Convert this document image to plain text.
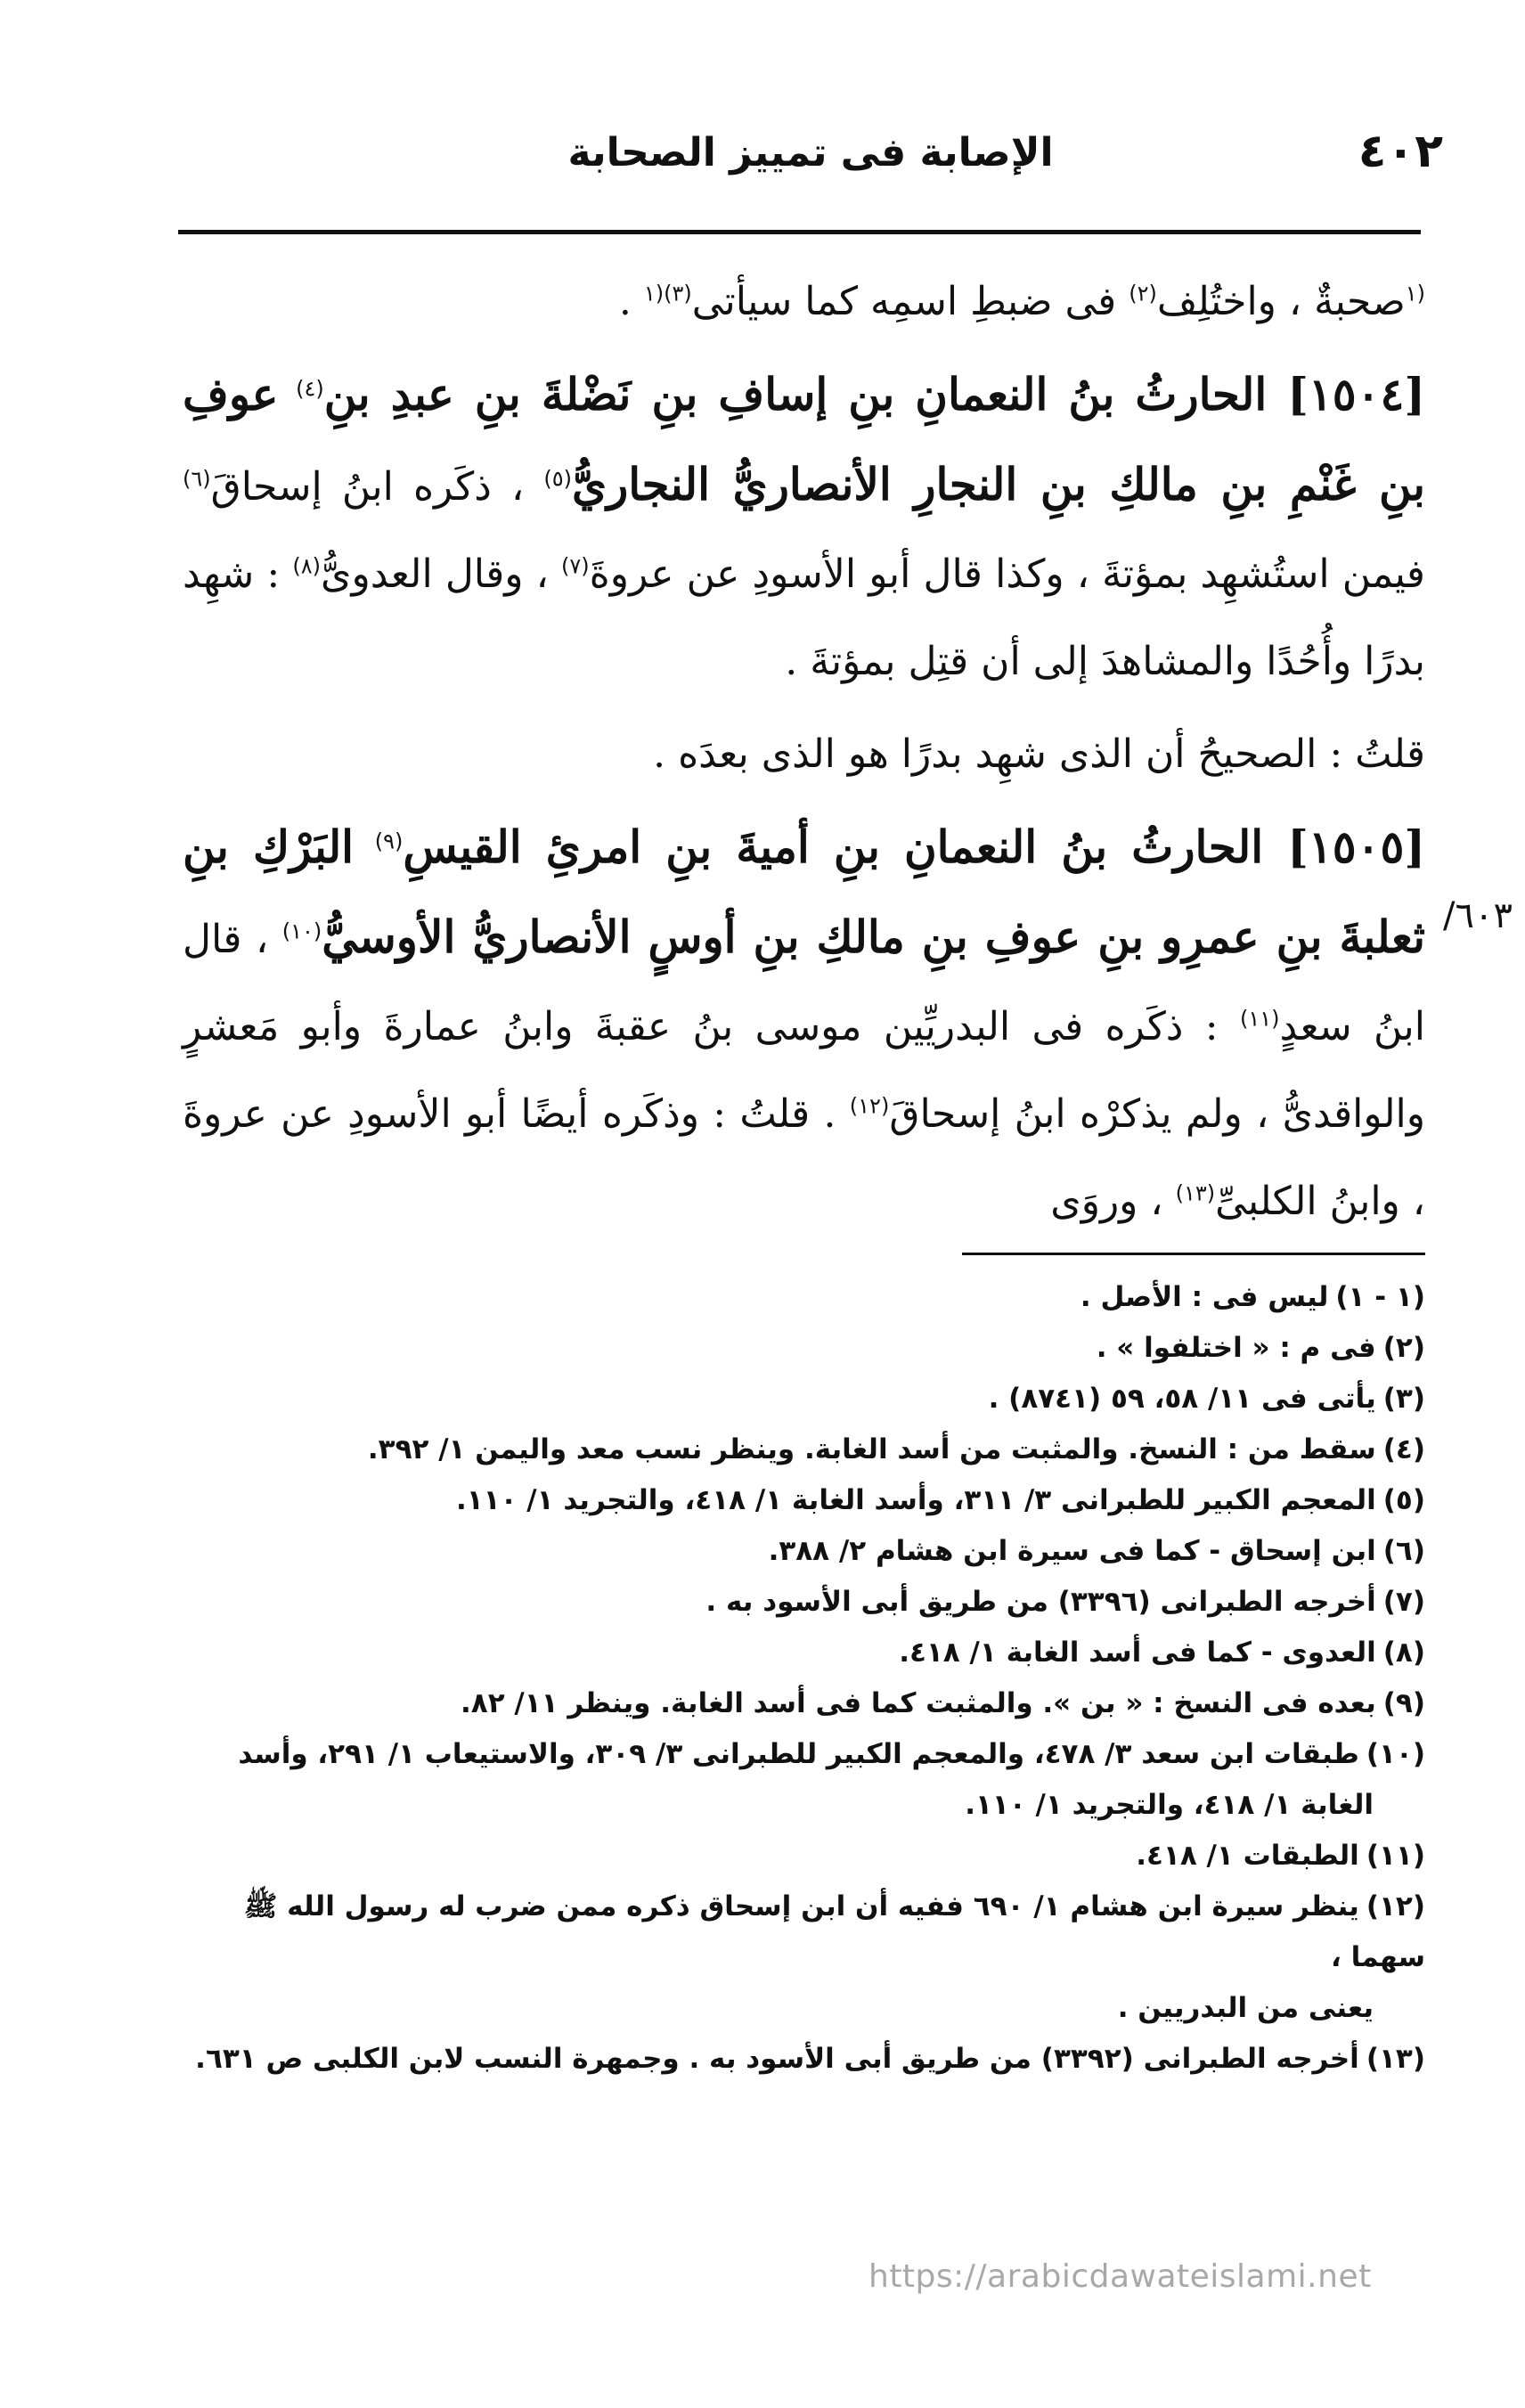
٤٠٢
الإصابة فى تمييز الصحابة
٦٠٣/

$^{(١}$صحبةٌ ، واختُلِف$^{(٢)}$ فى ضبطِ اسمِه كما سيأتى$^{(٣)(١}$ .

[١٥٠٤] الحارثُ بنُ النعمانِ بنِ إسافِ بنِ نَضْلةَ بنِ عبدِ بنِ$^{(٤)}$ عوفِ بنِ غَنْمِ بنِ مالكِ بنِ النجارِ الأنصاريُّ النجاريُّ$^{(٥)}$ ، ذكَره ابنُ إسحاقَ$^{(٦)}$ فيمن استُشهِد بمؤتةَ ، وكذا قال أبو الأسودِ عن عروةَ$^{(٧)}$ ، وقال العدوىُّ$^{(٨)}$ : شهِد بدرًا وأُحُدًا والمشاهدَ إلى أن قتِل بمؤتةَ .

قلتُ : الصحيحُ أن الذى شهِد بدرًا هو الذى بعدَه .

[١٥٠٥] الحارثُ بنُ النعمانِ بنِ أميةَ بنِ امرئِ القيسِ$^{(٩)}$ البَرْكِ بنِ ثعلبةَ بنِ عمرِو بنِ عوفِ بنِ مالكِ بنِ أوسٍ الأنصاريُّ الأوسيُّ$^{(١٠)}$ ، قال ابنُ سعدٍ$^{(١١)}$ : ذكَره فى البدريِّين موسى بنُ عقبةَ وابنُ عمارةَ وأبو مَعشرٍ والواقدىُّ ، ولم يذكرْه ابنُ إسحاقَ$^{(١٢)}$ . قلتُ : وذكَره أيضًا أبو الأسودِ عن عروةَ ، وابنُ الكلبىِّ$^{(١٣)}$ ، وروَى

(١ - ١)ليس فى : الأصل .

(٢)فى م : « اختلفوا » .

(٣)يأتى فى ١١/ ٥٨، ٥٩ (٨٧٤١) .

(٤)سقط من : النسخ. والمثبت من أسد الغابة. وينظر نسب معد واليمن ١/ ٣٩٢.

(٥)المعجم الكبير للطبرانى ٣/ ٣١١، وأسد الغابة ١/ ٤١٨، والتجريد ١/ ١١٠.

(٦)ابن إسحاق - كما فى سيرة ابن هشام ٢/ ٣٨٨.

(٧)أخرجه الطبرانى (٣٣٩٦) من طريق أبى الأسود به .

(٨)العدوى - كما فى أسد الغابة ١/ ٤١٨.

(٩)بعده فى النسخ : « بن ». والمثبت كما فى أسد الغابة. وينظر ١١/ ٨٢.

(١٠)طبقات ابن سعد ٣/ ٤٧٨، والمعجم الكبير للطبرانى ٣/ ٣٠٩، والاستيعاب ١/ ٢٩١، وأسد
الغابة ١/ ٤١٨، والتجريد ١/ ١١٠.

(١١)الطبقات ١/ ٤١٨.

(١٢)ينظر سيرة ابن هشام ١/ ٦٩٠ ففيه أن ابن إسحاق ذكره ممن ضرب له رسول الله ﷺ سهما ،
يعنى من البدريين .

(١٣)أخرجه الطبرانى (٣٣٩٢) من طريق أبى الأسود به . وجمهرة النسب لابن الكلبى ص ٦٣١.

https://arabicdawateislami.net
